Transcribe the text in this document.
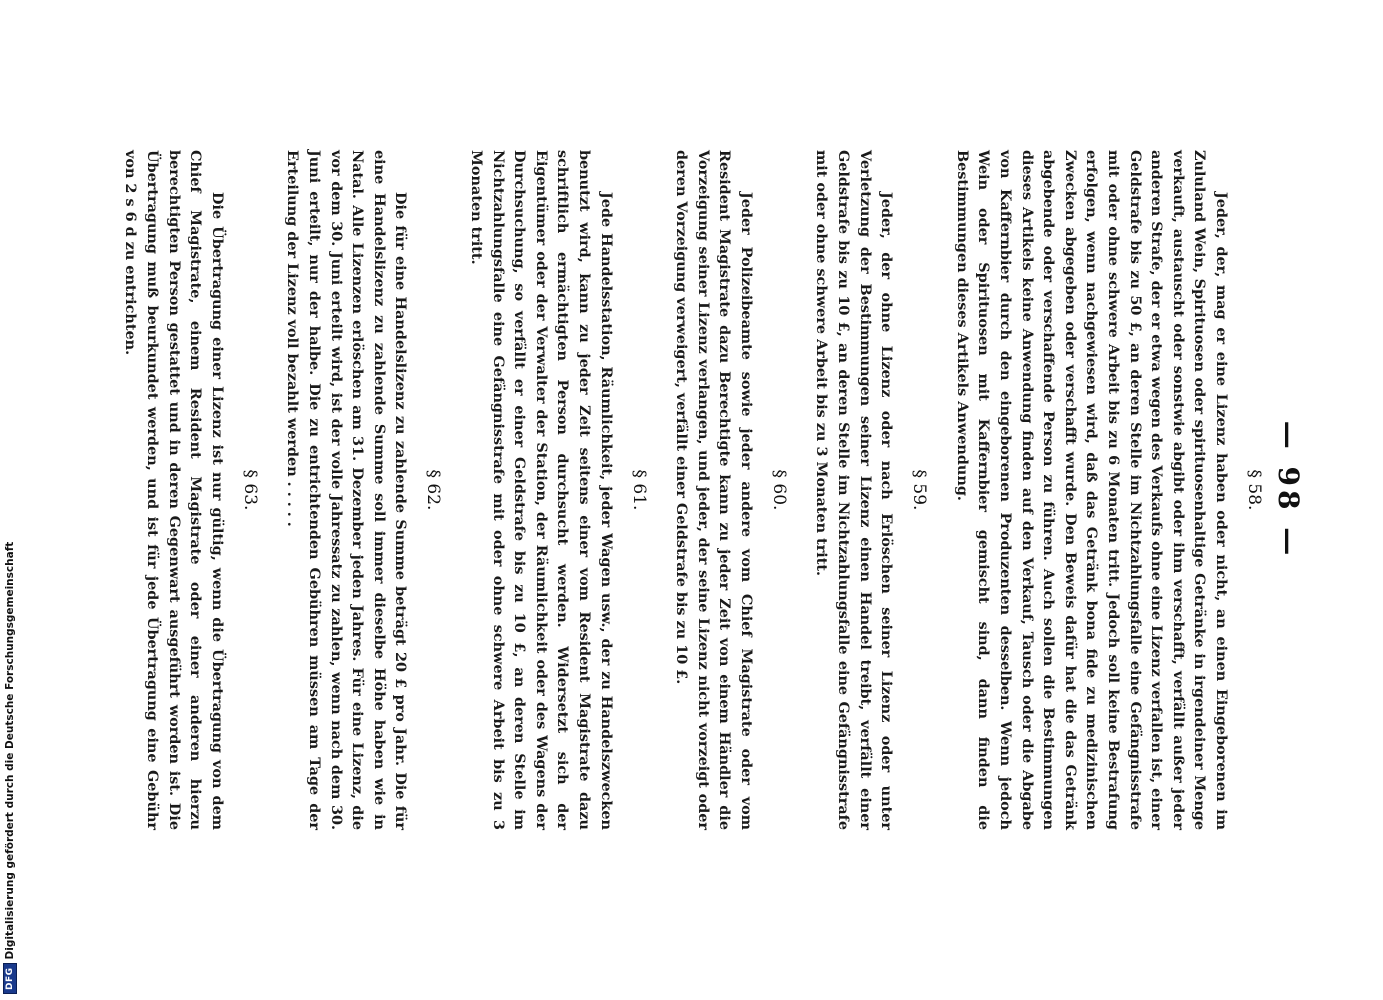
— 98 —
§ 58.

Jeder, der, mag er eine Lizenz haben oder nicht, an einen Eingeborenen im Zululand Wein, Spirituosen oder spirituosenhaltige Getränke in irgendeiner Menge verkauft, austauscht oder sonstwie abgibt oder ihm verschafft, verfällt außer jeder anderen Strafe, der er etwa wegen des Verkaufs ohne eine Lizenz verfallen ist, einer Geldstrafe bis zu 50 £, an deren Stelle im Nichtzahlungsfalle eine Gefängnisstrafe mit oder ohne schwere Arbeit bis zu 6 Monaten tritt. Jedoch soll keine Bestrafung erfolgen, wenn nachgewiesen wird, daß das Getränk bona fide zu medizinischen Zwecken abgegeben oder verschafft wurde. Den Beweis dafür hat die das Getränk abgebende oder verschaffende Person zu führen. Auch sollen die Bestimmungen dieses Artikels keine Anwendung finden auf den Verkauf, Tausch oder die Abgabe von Kaffernbier durch den eingeborenen Produzenten desselben. Wenn jedoch Wein oder Spirituosen mit Kaffernbier gemischt sind, dann finden die Bestimmungen dieses Artikels Anwendung.

§ 59.

Jeder, der ohne Lizenz oder nach Erlöschen seiner Lizenz oder unter Verletzung der Bestimmungen seiner Lizenz einen Handel treibt, verfällt einer Geldstrafe bis zu 10 £, an deren Stelle im Nichtzahlungsfalle eine Gefängnisstrafe mit oder ohne schwere Arbeit bis zu 3 Monaten tritt.

§ 60.

Jeder Polizeibeamte sowie jeder andere vom Chief Magistrate oder vom Resident Magistrate dazu Berechtigte kann zu jeder Zeit von einem Händler die Vorzeigung seiner Lizenz verlangen, und jeder, der seine Lizenz nicht vorzeigt oder deren Vorzeigung verweigert, verfällt einer Geldstrafe bis zu 10 £.

§ 61.

Jede Handelsstation, Räumlichkeit, jeder Wagen usw., der zu Handelszwecken benutzt wird, kann zu jeder Zeit seitens einer vom Resident Magistrate dazu schriftlich ermächtigten Person durchsucht werden. Widersetzt sich der Eigentümer oder der Verwalter der Station, der Räumlichkeit oder des Wagens der Durchsuchung, so verfällt er einer Geldstrafe bis zu 10 £, an deren Stelle im Nichtzahlungsfalle eine Gefängnisstrafe mit oder ohne schwere Arbeit bis zu 3 Monaten tritt.

§ 62.

Die für eine Handelslizenz zu zahlende Summe beträgt 20 £ pro Jahr. Die für eine Handelslizenz zu zahlende Summe soll immer dieselbe Höhe haben wie in Natal. Alle Lizenzen erlöschen am 31. Dezember jeden Jahres. Für eine Lizenz, die vor dem 30. Juni erteilt wird, ist der volle Jahressatz zu zahlen, wenn nach dem 30. Juni erteilt, nur der halbe. Die zu entrichtenden Gebühren müssen am Tage der Erteilung der Lizenz voll bezahlt werden . . . . .

§ 63.

Die Übertragung einer Lizenz ist nur gültig, wenn die Übertragung von dem Chief Magistrate, einem Resident Magistrate oder einer anderen hierzu berechtigten Person gestattet und in deren Gegenwart ausgeführt worden ist. Die Übertragung muß beurkundet werden, und ist für jede Übertragung eine Gebühr von 2 s 6 d zu entrichten.

DFG
Digitalisierung gefördert durch die Deutsche Forschungsgemeinschaft
